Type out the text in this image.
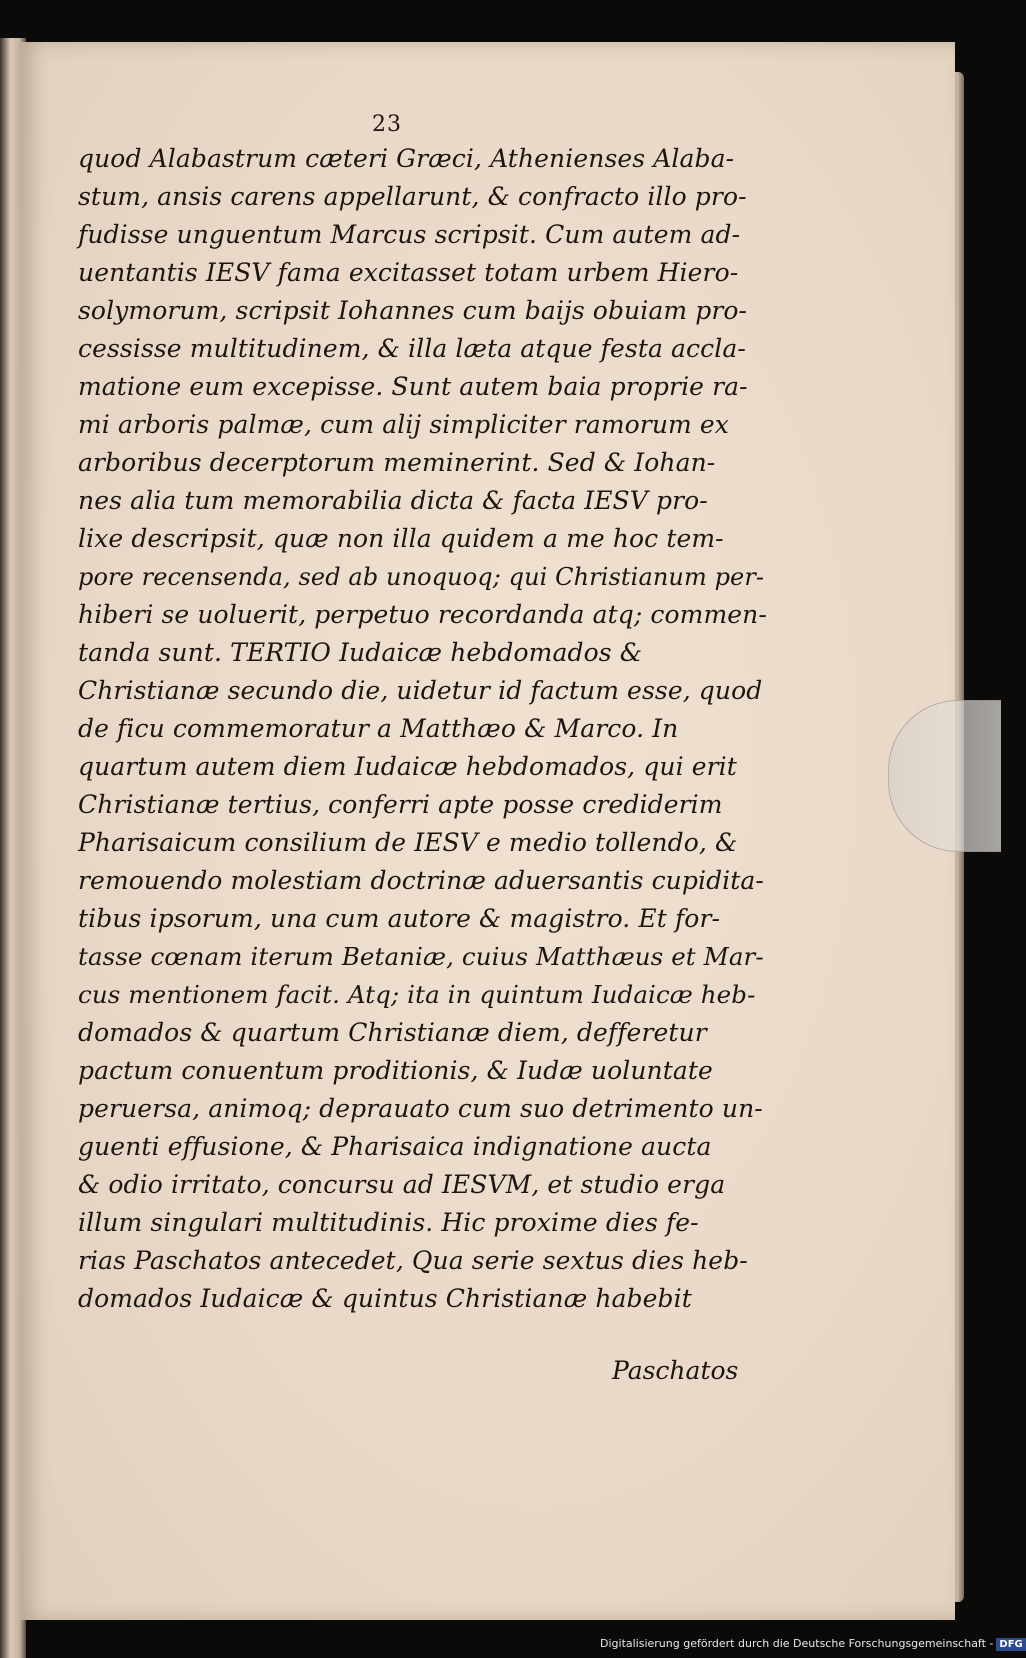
23
quod Alabastrum cæteri Græci, Athenienses Alaba-
stum, ansis carens appellarunt, & confracto illo pro-
fudisse unguentum Marcus scripsit. Cum autem ad-
uentantis IESV fama excitasset totam urbem Hiero-
solymorum, scripsit Iohannes cum baijs obuiam pro-
cessisse multitudinem, & illa læta atque festa accla-
matione eum excepisse. Sunt autem baia proprie ra-
mi arboris palmæ, cum alij simpliciter ramorum ex
arboribus decerptorum meminerint. Sed & Iohan-
nes alia tum memorabilia dicta & facta IESV pro-
lixe descripsit, quæ non illa quidem a me hoc tem-
pore recensenda, sed ab unoquoq; qui Christianum per-
hiberi se uoluerit, perpetuo recordanda atq; commen-
tanda sunt. TERTIO Iudaicæ hebdomados &
Christianæ secundo die, uidetur id factum esse, quod
de ficu commemoratur a Matthæo & Marco. In
quartum autem diem Iudaicæ hebdomados, qui erit
Christianæ tertius, conferri apte posse crediderim
Pharisaicum consilium de IESV e medio tollendo, &
remouendo molestiam doctrinæ aduersantis cupidita-
tibus ipsorum, una cum autore & magistro. Et for-
tasse cœnam iterum Betaniæ, cuius Matthæus et Mar-
cus mentionem facit. Atq; ita in quintum Iudaicæ heb-
domados & quartum Christianæ diem, defferetur
pactum conuentum proditionis, & Iudæ uoluntate
peruersa, animoq; deprauato cum suo detrimento un-
guenti effusione, & Pharisaica indignatione aucta
& odio irritato, concursu ad IESVM, et studio erga
illum singulari multitudinis. Hic proxime dies fe-
rias Paschatos antecedet, Qua serie sextus dies heb-
domados Iudaicæ & quintus Christianæ habebit
Paschatos
Digitalisierung gefördert durch die Deutsche Forschungsgemeinschaft - DFG
